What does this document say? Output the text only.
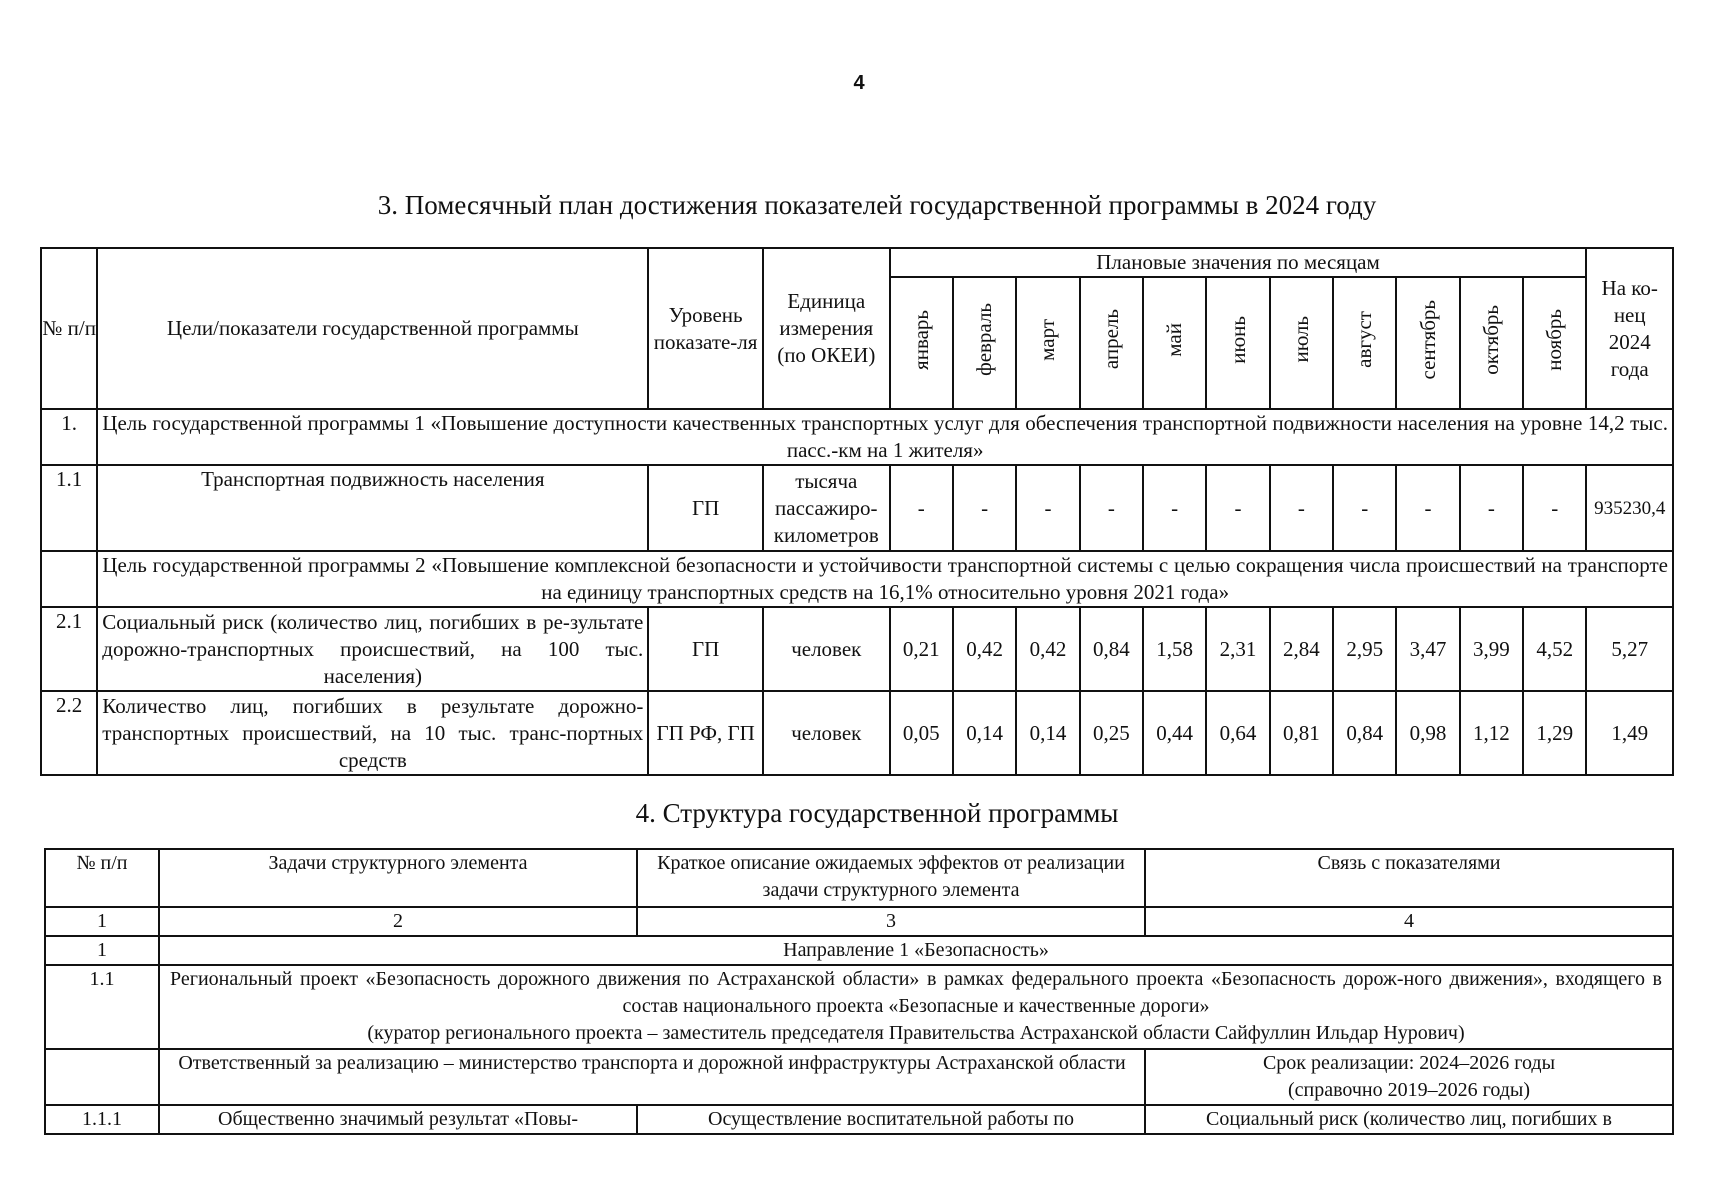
4
3. Помесячный план достижения показателей государственной программы в 2024 году
№ п/п	Цели/показатели государственной программы	Уровень показате-ля	Единица измерения (по ОКЕИ)	Плановые значения по месяцам											На ко-нец 2024 года
				январь	февраль	март	апрель	май	июнь	июль	август	сентябрь	октябрь	ноябрь	
1.	Цель государственной программы 1 «Повышение доступности качественных транспортных услуг для обеспечения транспортной подвижности населения на уровне 14,2 тыс. пасс.-км на 1 жителя»														
1.1	Транспортная подвижность населения	ГП	тысяча пассажиро-километров	-	-	-	-	-	-	-	-	-	-	-	935230,4
	Цель государственной программы 2 «Повышение комплексной безопасности и устойчивости транспортной системы с целью сокращения числа происшествий на транспорте на единицу транспортных средств на 16,1% относительно уровня 2021 года»														
2.1	Социальный риск (количество лиц, погибших в ре-зультате дорожно-транспортных происшествий, на 100 тыс. населения)	ГП	человек	0,21	0,42	0,42	0,84	1,58	2,31	2,84	2,95	3,47	3,99	4,52	5,27
2.2	Количество лиц, погибших в результате дорожно-транспортных происшествий, на 10 тыс. транс-портных средств	ГП РФ, ГП	человек	0,05	0,14	0,14	0,25	0,44	0,64	0,81	0,84	0,98	1,12	1,29	1,49
4. Структура государственной программы
№ п/п	Задачи структурного элемента	Краткое описание ожидаемых эффектов от реализации задачи структурного элемента	Связь с показателями
1	2	3	4
1	Направление 1 «Безопасность»		
1.1	Региональный проект «Безопасность дорожного движения по Астраханской области» в рамках федерального проекта «Безопасность дорож-ного движения», входящего в состав национального проекта «Безопасные и качественные дороги»
(куратор регионального проекта – заместитель председателя Правительства Астраханской области Сайфуллин Ильдар Нурович)		

	Ответственный за реализацию – министерство транспорта и дорожной инфраструктуры Астраханской области		Срок реализации: 2024–2026 годы
(справочно 2019–2026 годы)

1.1.1	Общественно значимый результат «Повы-	Осуществление воспитательной работы по	Социальный риск (количество лиц, погибших в
